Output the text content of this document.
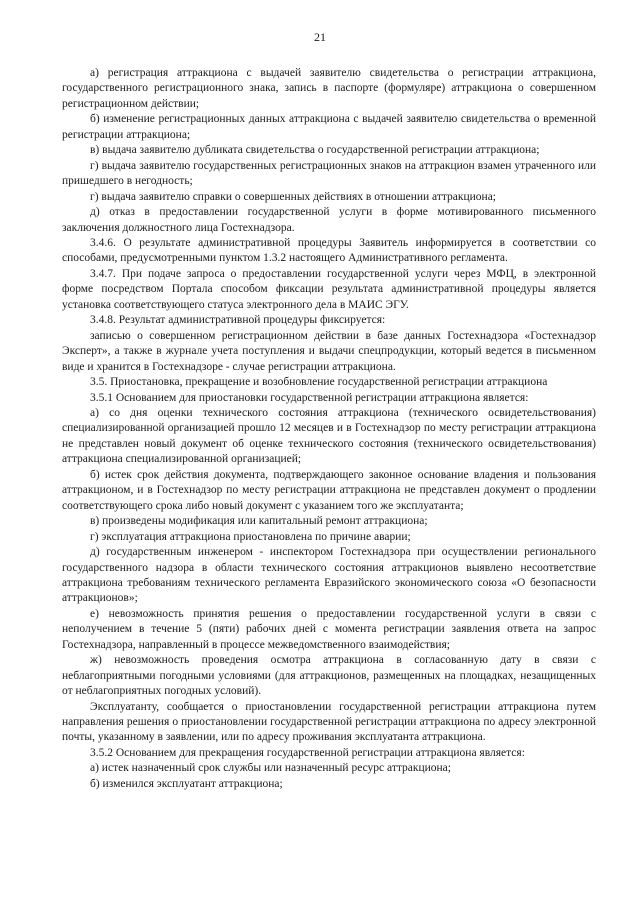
21

а) регистрация аттракциона с выдачей заявителю свидетельства о регистрации аттракциона, государственного регистрационного знака, запись в паспорте (формуляре) аттракциона о совершенном регистрационном действии;

б) изменение регистрационных данных аттракциона с выдачей заявителю свидетельства о временной регистрации аттракциона;

в) выдача заявителю дубликата свидетельства о государственной регистрации аттракциона;

г) выдача заявителю государственных регистрационных знаков на аттракцион взамен утраченного или пришедшего в негодность;

г) выдача заявителю справки о совершенных действиях в отношении аттракциона;

д) отказ в предоставлении государственной услуги в форме мотивированного письменного заключения должностного лица Гостехнадзора.

3.4.6. О результате административной процедуры Заявитель информируется в соответствии со способами, предусмотренными пунктом 1.3.2 настоящего Административного регламента.

3.4.7. При подаче запроса о предоставлении государственной услуги через МФЦ, в электронной форме посредством Портала способом фиксации результата административной процедуры является установка соответствующего статуса электронного дела в МАИС ЭГУ.

3.4.8. Результат административной процедуры фиксируется:

записью о совершенном регистрационном действии в базе данных Гостехнадзора «Гостехнадзор Эксперт», а также в журнале учета поступления и выдачи спецпродукции, который ведется в письменном виде и хранится в Гостехнадзоре - случае регистрации аттракциона.

3.5. Приостановка, прекращение и возобновление государственной регистрации аттракциона

3.5.1 Основанием для приостановки государственной регистрации аттракциона является:

а) со дня оценки технического состояния аттракциона (технического освидетельствования) специализированной организацией прошло 12 месяцев и в Гостехнадзор по месту регистрации аттракциона не представлен новый документ об оценке технического состояния (технического освидетельствования) аттракциона специализированной организацией;

б) истек срок действия документа, подтверждающего законное основание владения и пользования аттракционом, и в Гостехнадзор по месту регистрации аттракциона не представлен документ о продлении соответствующего срока либо новый документ с указанием того же эксплуатанта;

в) произведены модификация или капитальный ремонт аттракциона;

г) эксплуатация аттракциона приостановлена по причине аварии;

д) государственным инженером - инспектором Гостехнадзора при осуществлении регионального государственного надзора в области технического состояния аттракционов выявлено несоответствие аттракциона требованиям технического регламента Евразийского экономического союза «О безопасности аттракционов»;

е) невозможность принятия решения о предоставлении государственной услуги в связи с неполучением в течение 5 (пяти) рабочих дней с момента регистрации заявления ответа на запрос Гостехнадзора, направленный в процессе межведомственного взаимодействия;

ж) невозможность проведения осмотра аттракциона в согласованную дату в связи с неблагоприятными погодными условиями (для аттракционов, размещенных на площадках, незащищенных от неблагоприятных погодных условий).

Эксплуатанту, сообщается о приостановлении государственной регистрации аттракциона путем направления решения о приостановлении государственной регистрации аттракциона по адресу электронной почты, указанному в заявлении, или по адресу проживания эксплуатанта аттракциона.

3.5.2 Основанием для прекращения государственной регистрации аттракциона является:

а) истек назначенный срок службы или назначенный ресурс аттракциона;

б) изменился эксплуатант аттракциона;
